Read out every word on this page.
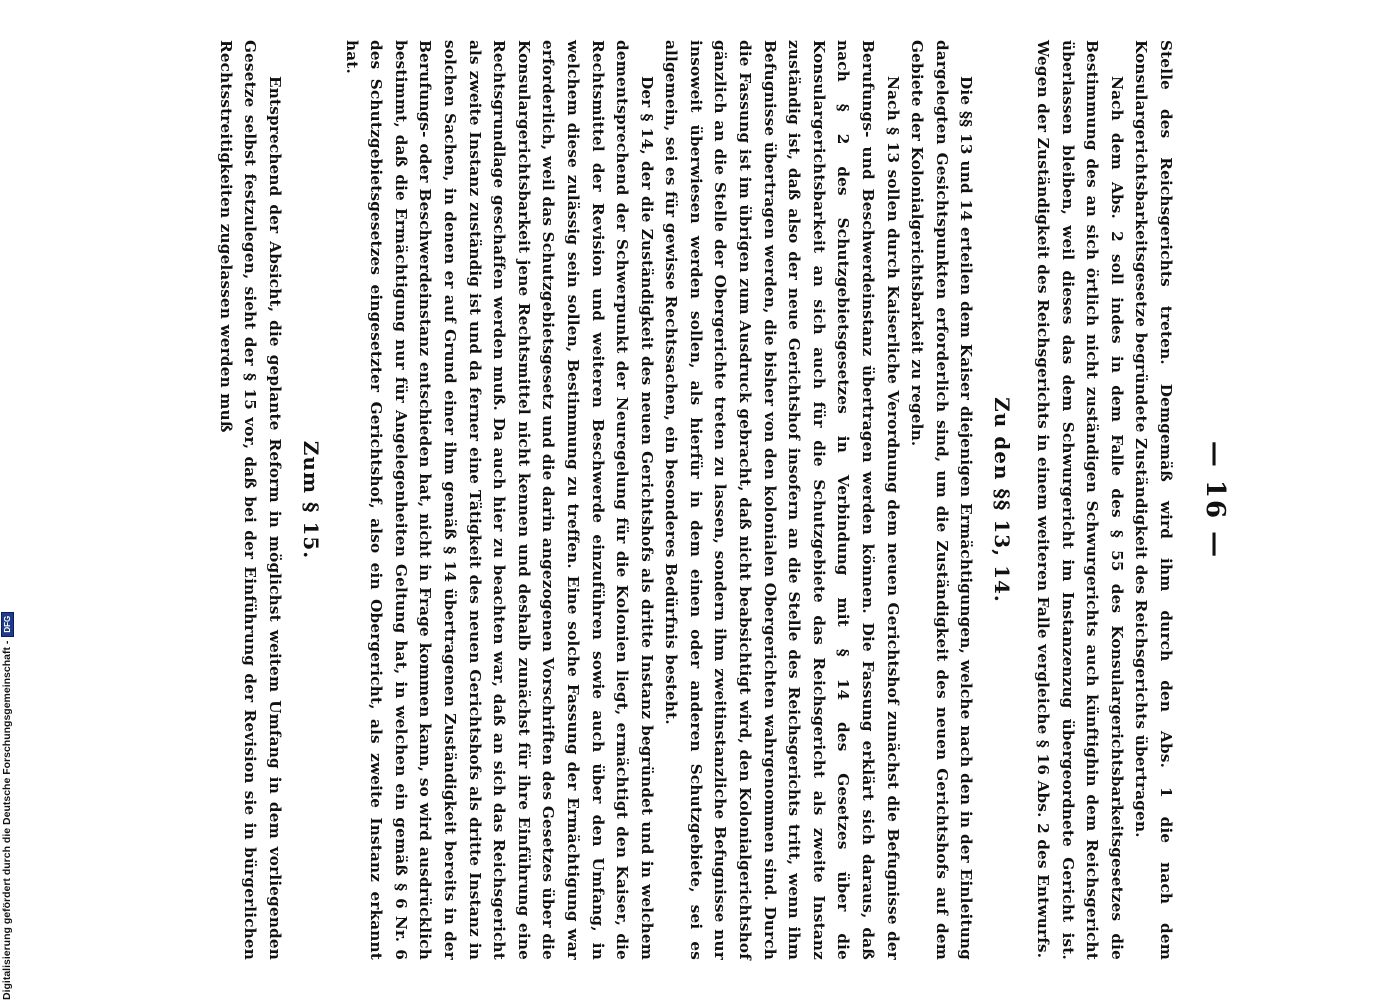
— 16 —

Stelle des Reichsgerichts treten. Demgemäß wird ihm durch den Abs. 1 die nach dem Konsulargerichtsbarkeitsgesetze begründete Zuständigkeit des Reichsgerichts übertragen.

Nach dem Abs. 2 soll indes in dem Falle des § 55 des Konsulargerichtsbarkeitsgesetzes die Bestimmung des an sich örtlich nicht zuständigen Schwurgerichts auch künftighin dem Reichsgericht überlassen bleiben, weil dieses das dem Schwurgericht im Instanzenzug übergeordnete Gericht ist. Wegen der Zuständigkeit des Reichsgerichts in einem weiteren Falle vergleiche § 16 Abs. 2 des Entwurfs.

Zu den §§ 13, 14.

Die §§ 13 und 14 erteilen dem Kaiser diejenigen Ermächtigungen, welche nach den in der Einleitung dargelegten Gesichtspunkten erforderlich sind, um die Zuständigkeit des neuen Gerichtshofs auf dem Gebiete der Kolonialgerichtsbarkeit zu regeln.

Nach § 13 sollen durch Kaiserliche Verordnung dem neuen Gerichtshof zunächst die Befugnisse der Berufungs- und Beschwerdeinstanz übertragen werden können. Die Fassung erklärt sich daraus, daß nach § 2 des Schutzgebietsgesetzes in Verbindung mit § 14 des Gesetzes über die Konsulargerichtsbarkeit an sich auch für die Schutzgebiete das Reichsgericht als zweite Instanz zuständig ist, daß also der neue Gerichtshof insofern an die Stelle des Reichsgerichts tritt, wenn ihm Befugnisse übertragen werden, die bisher von den kolonialen Obergerichten wahrgenommen sind. Durch die Fassung ist im übrigen zum Ausdruck gebracht, daß nicht beabsichtigt wird, den Kolonialgerichtshof gänzlich an die Stelle der Obergerichte treten zu lassen, sondern ihm zweitinstanzliche Befugnisse nur insoweit überwiesen werden sollen, als hierfür in dem einen oder anderen Schutzgebiete, sei es allgemein, sei es für gewisse Rechtssachen, ein besonderes Bedürfnis besteht.

Der § 14, der die Zuständigkeit des neuen Gerichtshofs als dritte Instanz begründet und in welchem dementsprechend der Schwerpunkt der Neuregelung für die Kolonien liegt, ermächtigt den Kaiser, die Rechtsmittel der Revision und weiteren Beschwerde einzuführen sowie auch über den Umfang, in welchem diese zulässig sein sollen, Bestimmung zu treffen. Eine solche Fassung der Ermächtigung war erforderlich, weil das Schutzgebietsgesetz und die darin angezogenen Vorschriften des Gesetzes über die Konsulargerichtsbarkeit jene Rechtsmittel nicht kennen und deshalb zunächst für ihre Einführung eine Rechtsgrundlage geschaffen werden muß. Da auch hier zu beachten war, daß an sich das Reichsgericht als zweite Instanz zuständig ist und da ferner eine Tätigkeit des neuen Gerichtshofs als dritte Instanz in solchen Sachen, in denen er auf Grund einer ihm gemäß § 14 übertragenen Zuständigkeit bereits in der Berufungs- oder Beschwerdeinstanz entschieden hat, nicht in Frage kommen kann, so wird ausdrücklich bestimmt, daß die Ermächtigung nur für Angelegenheiten Geltung hat, in welchen ein gemäß § 6 Nr. 6 des Schutzgebietsgesetzes eingesetzter Gerichtshof, also ein Obergericht, als zweite Instanz erkannt hat.

Zum § 15.

Entsprechend der Absicht, die geplante Reform in möglichst weitem Umfang in dem vorliegenden Gesetze selbst festzulegen, sieht der § 15 vor, daß bei der Einführung der Revision sie in bürgerlichen Rechtsstreitigkeiten zugelassen werden muß

Digitalisierung gefördert durch die Deutsche Forschungsgemeinschaft -
DFG
